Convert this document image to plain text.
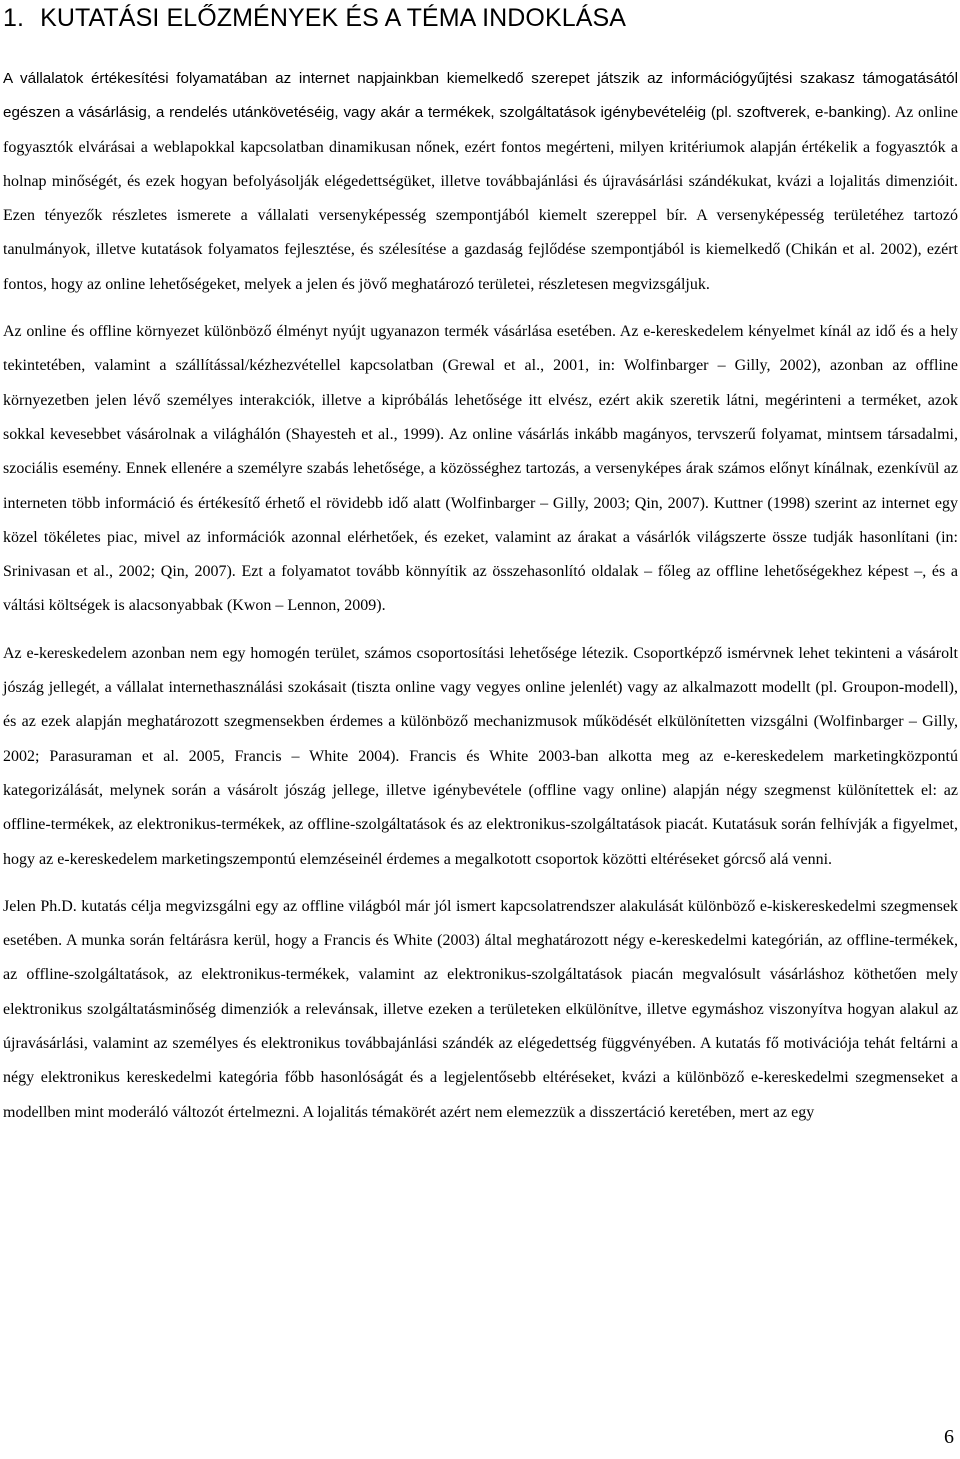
1. KUTATÁSI ELŐZMÉNYEK ÉS A TÉMA INDOKLÁSA

A vállalatok értékesítési folyamatában az internet napjainkban kiemelkedő szerepet játszik az információgyűjtési szakasz támogatásától egészen a vásárlásig, a rendelés utánkövetéséig, vagy akár a termékek, szolgáltatások igénybevételéig (pl. szoftverek, e-banking). Az online fogyasztók elvárásai a weblapokkal kapcsolatban dinamikusan nőnek, ezért fontos megérteni, milyen kritériumok alapján értékelik a fogyasztók a holnap minőségét, és ezek hogyan befolyásolják elégedettségüket, illetve továbbajánlási és újravásárlási szándékukat, kvázi a lojalitás dimenzióit. Ezen tényezők részletes ismerete a vállalati versenyképesség szempontjából kiemelt szereppel bír. A versenyképesség területéhez tartozó tanulmányok, illetve kutatások folyamatos fejlesztése, és szélesítése a gazdaság fejlődése szempontjából is kiemelkedő (Chikán et al. 2002), ezért fontos, hogy az online lehetőségeket, melyek a jelen és jövő meghatározó területei, részletesen megvizsgáljuk.

Az online és offline környezet különböző élményt nyújt ugyanazon termék vásárlása esetében. Az e-kereskedelem kényelmet kínál az idő és a hely tekintetében, valamint a szállítással/kézhezvétellel kapcsolatban (Grewal et al., 2001, in: Wolfinbarger – Gilly, 2002), azonban az offline környezetben jelen lévő személyes interakciók, illetve a kipróbálás lehetősége itt elvész, ezért akik szeretik látni, megérinteni a terméket, azok sokkal kevesebbet vásárolnak a világhálón (Shayesteh et al., 1999). Az online vásárlás inkább magányos, tervszerű folyamat, mintsem társadalmi, szociális esemény. Ennek ellenére a személyre szabás lehetősége, a közösséghez tartozás, a versenyképes árak számos előnyt kínálnak, ezenkívül az interneten több információ és értékesítő érhető el rövidebb idő alatt (Wolfinbarger – Gilly, 2003; Qin, 2007). Kuttner (1998) szerint az internet egy közel tökéletes piac, mivel az információk azonnal elérhetőek, és ezeket, valamint az árakat a vásárlók világszerte össze tudják hasonlítani (in: Srinivasan et al., 2002; Qin, 2007). Ezt a folyamatot tovább könnyítik az összehasonlító oldalak – főleg az offline lehetőségekhez képest –, és a váltási költségek is alacsonyabbak (Kwon – Lennon, 2009).

Az e-kereskedelem azonban nem egy homogén terület, számos csoportosítási lehetősége létezik. Csoportképző ismérvnek lehet tekinteni a vásárolt jószág jellegét, a vállalat internethasználási szokásait (tiszta online vagy vegyes online jelenlét) vagy az alkalmazott modellt (pl. Groupon-modell), és az ezek alapján meghatározott szegmensekben érdemes a különböző mechanizmusok működését elkülönítetten vizsgálni (Wolfinbarger – Gilly, 2002; Parasuraman et al. 2005, Francis – White 2004). Francis és White 2003-ban alkotta meg az e-kereskedelem marketingközpontú kategorizálását, melynek során a vásárolt jószág jellege, illetve igénybevétele (offline vagy online) alapján négy szegmenst különítettek el: az offline-termékek, az elektronikus-termékek, az offline-szolgáltatások és az elektronikus-szolgáltatások piacát. Kutatásuk során felhívják a figyelmet, hogy az e-kereskedelem marketingszempontú elemzéseinél érdemes a megalkotott csoportok közötti eltéréseket górcső alá venni.

Jelen Ph.D. kutatás célja megvizsgálni egy az offline világból már jól ismert kapcsolatrendszer alakulását különböző e-kiskereskedelmi szegmensek esetében. A munka során feltárásra kerül, hogy a Francis és White (2003) által meghatározott négy e-kereskedelmi kategórián, az offline-termékek, az offline-szolgáltatások, az elektronikus-termékek, valamint az elektronikus-szolgáltatások piacán megvalósult vásárláshoz köthetően mely elektronikus szolgáltatásminőség dimenziók a relevánsak, illetve ezeken a területeken elkülönítve, illetve egymáshoz viszonyítva hogyan alakul az újravásárlási, valamint az személyes és elektronikus továbbajánlási szándék az elégedettség függvényében. A kutatás fő motivációja tehát feltárni a négy elektronikus kereskedelmi kategória főbb hasonlóságát és a legjelentősebb eltéréseket, kvázi a különböző e-kereskedelmi szegmenseket a modellben mint moderáló változót értelmezni. A lojalitás témakörét azért nem elemezzük a disszertáció keretében, mert az egy

6
